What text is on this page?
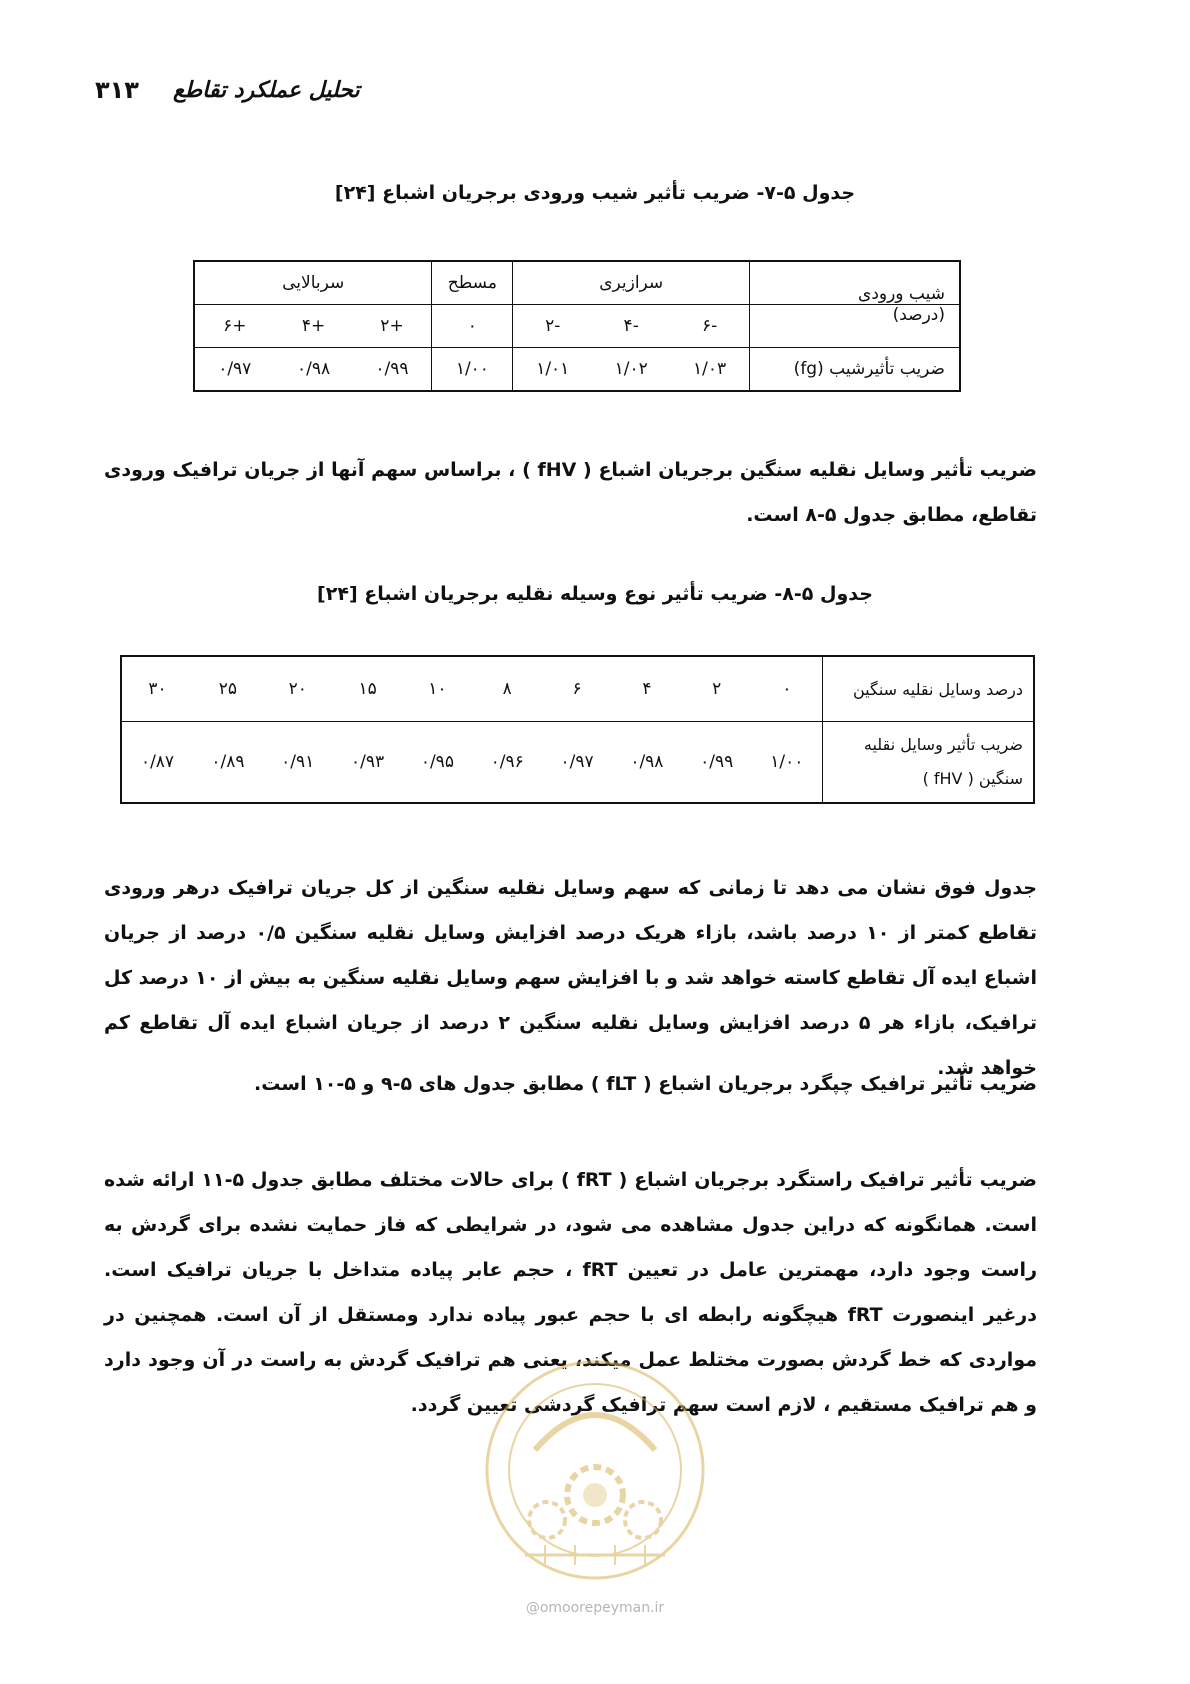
۳۱۳ تحلیل عملکرد تقاطع
جدول ۵-۷- ضریب تأثیر شیب ورودی برجریان اشباع [۲۴]
شیب ورودی	سرازیری			مسطح	سربالایی		
(درصد)	-۶	-۴	-۲	۰	+۲	+۴	+۶
ضریب تأثیرشیب (fg)	۱/۰۳	۱/۰۲	۱/۰۱	۱/۰۰	۰/۹۹	۰/۹۸	۰/۹۷

ضریب تأثیر وسایل نقلیه سنگین برجریان اشباع ( fHV ) ، براساس سهم آنها از جریان ترافیک ورودی تقاطع، مطابق جدول ۵-۸ است.

جدول ۵-۸- ضریب تأثیر نوع وسیله نقلیه برجریان اشباع [۲۴]
درصد وسایل نقلیه سنگین	۰	۲	۴	۶	۸	۱۰	۱۵	۲۰	۲۵	۳۰
ضریب تأثیر وسایل نقلیه سنگین ( fHV )	۱/۰۰	۰/۹۹	۰/۹۸	۰/۹۷	۰/۹۶	۰/۹۵	۰/۹۳	۰/۹۱	۰/۸۹	۰/۸۷

جدول فوق نشان می دهد تا زمانی که سهم وسایل نقلیه سنگین از کل جریان ترافیک درهر ورودی تقاطع کمتر از ۱۰ درصد باشد، بازاء هریک درصد افزایش وسایل نقلیه سنگین ۰/۵ درصد از جریان اشباع ایده آل تقاطع کاسته خواهد شد و با افزایش سهم وسایل نقلیه سنگین به بیش از ۱۰ درصد کل ترافیک، بازاء هر ۵ درصد افزایش وسایل نقلیه سنگین ۲ درصد از جریان اشباع ایده آل تقاطع کم خواهد شد.

ضریب تأثیر ترافیک چپگرد برجریان اشباع ( fLT ) مطابق جدول های ۵-۹ و ۵-۱۰ است.

ضریب تأثیر ترافیک راستگرد برجریان اشباع ( fRT ) برای حالات مختلف مطابق جدول ۵-۱۱ ارائه شده است. همانگونه که دراین جدول مشاهده می شود، در شرایطی که فاز حمایت نشده برای گردش به راست وجود دارد، مهمترین عامل در تعیین fRT ، حجم عابر پیاده متداخل با جریان ترافیک است. درغیر اینصورت fRT هیچگونه رابطه ای با حجم عبور پیاده ندارد ومستقل از آن است. همچنین در مواردی که خط گردش بصورت مختلط عمل میکند، یعنی هم ترافیک گردش به راست در آن وجود دارد و هم ترافیک مستقیم ، لازم است سهم ترافیک گردشی تعیین گردد.

@omoorepeyman.ir
